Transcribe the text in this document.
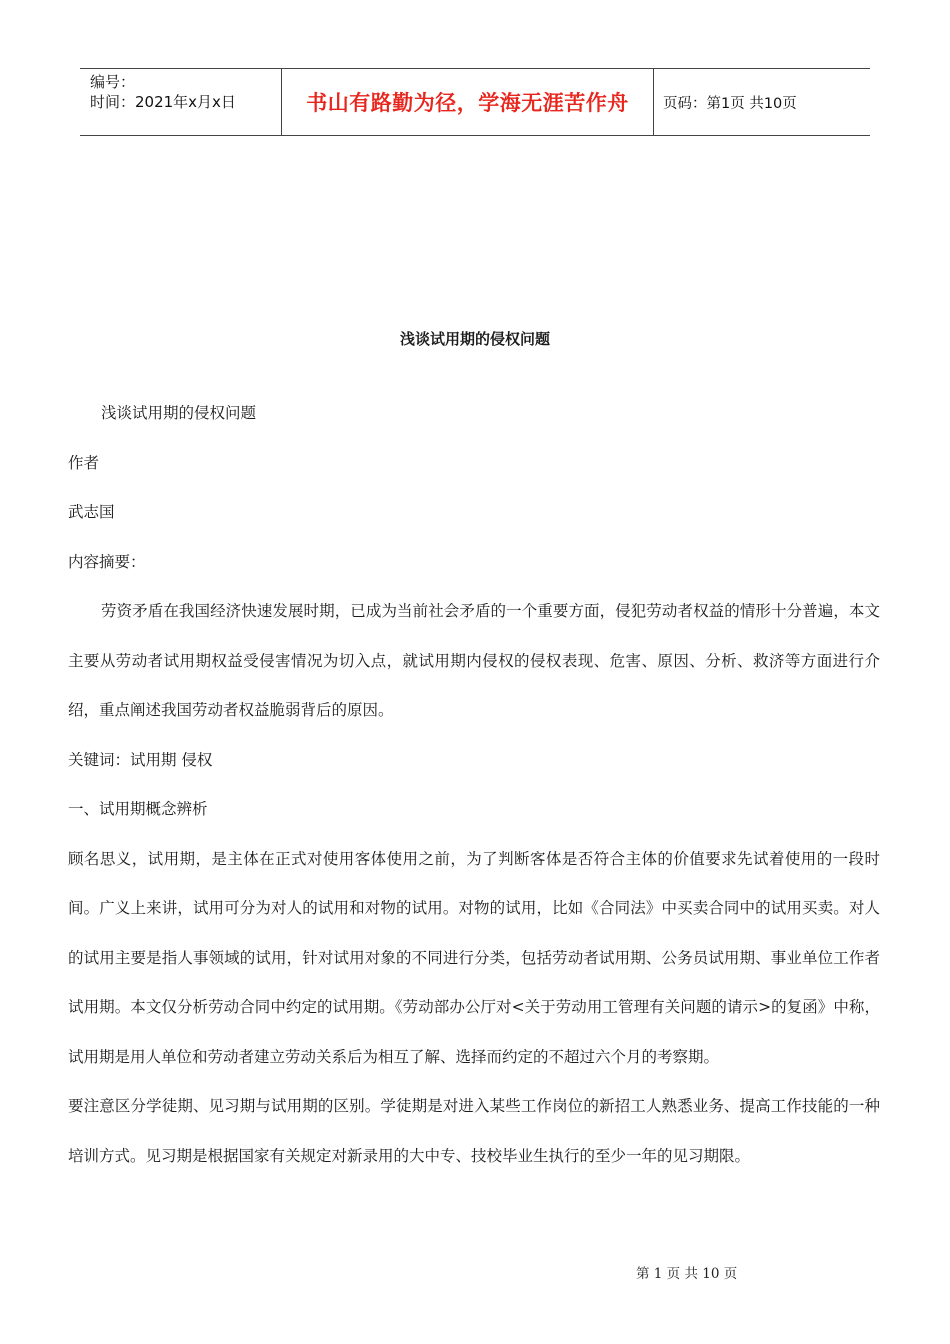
编号：
时间：2021年x月x日	书山有路勤为径，学海无涯苦作舟 页码：第1页 共10页
浅谈试用期的侵权问题

浅谈试用期的侵权问题

作者

武志国

内容摘要：

劳资矛盾在我国经济快速发展时期，已成为当前社会矛盾的一个重要方面，侵犯劳动者权益的情形十分普遍，本文主要从劳动者试用期权益受侵害情况为切入点，就试用期内侵权的侵权表现、危害、原因、分析、救济等方面进行介绍，重点阐述我国劳动者权益脆弱背后的原因。

关键词：试用期 侵权

一、试用期概念辨析

顾名思义，试用期，是主体在正式对使用客体使用之前，为了判断客体是否符合主体的价值要求先试着使用的一段时间。广义上来讲，试用可分为对人的试用和对物的试用。对物的试用，比如《合同法》中买卖合同中的试用买卖。对人的试用主要是指人事领域的试用，针对试用对象的不同进行分类，包括劳动者试用期、公务员试用期、事业单位工作者试用期。本文仅分析劳动合同中约定的试用期。《劳动部办公厅对<关于劳动用工管理有关问题的请示>的复函》中称，试用期是用人单位和劳动者建立劳动关系后为相互了解、选择而约定的不超过六个月的考察期。

要注意区分学徒期、见习期与试用期的区别。学徒期是对进入某些工作岗位的新招工人熟悉业务、提高工作技能的一种培训方式。见习期是根据国家有关规定对新录用的大中专、技校毕业生执行的至少一年的见习期限。

第 1 页 共 10 页
